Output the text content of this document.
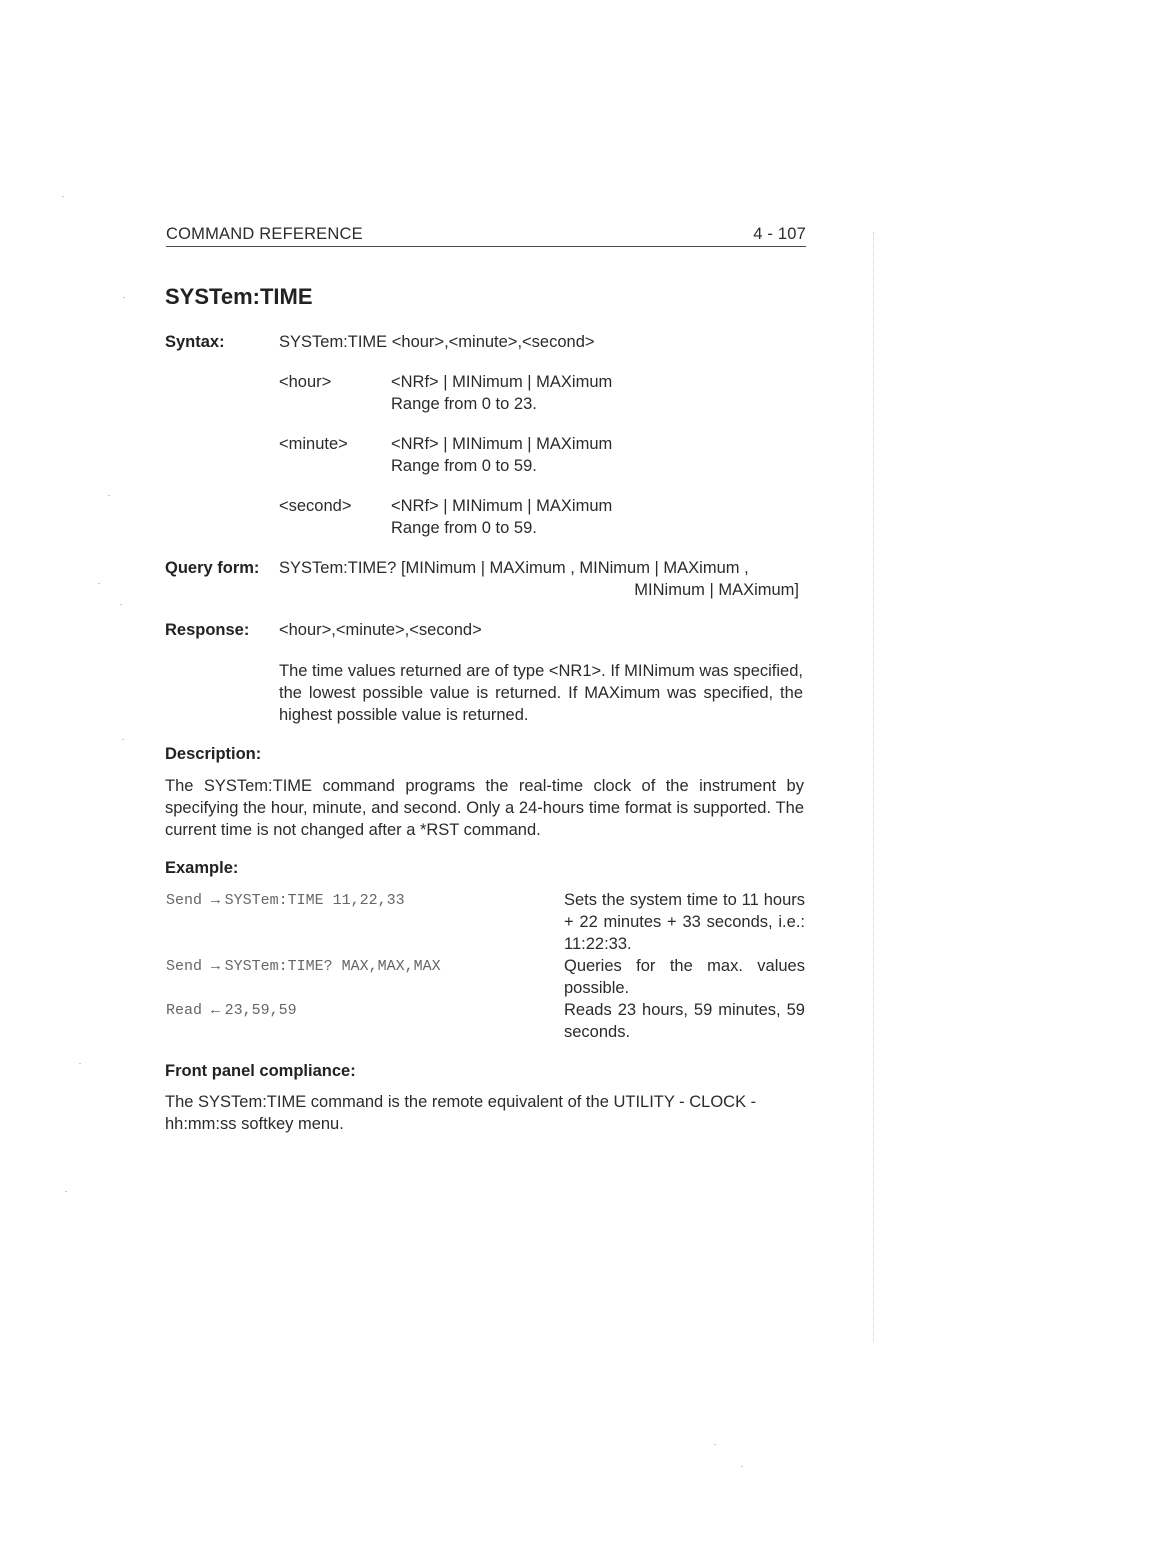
COMMAND REFERENCE	4 - 107
SYSTem:TIME
Syntax:	SYSTem:TIME <hour>,<minute>,<second>
<hour>	<NRf> | MINimum | MAXimum
Range from 0 to 23.
<minute>	<NRf> | MINimum | MAXimum
Range from 0 to 59.
<second> <NRf> | MINimum | MAXimum
Range from 0 to 59.
Query form: SYSTem:TIME? [MINimum | MAXimum , MINimum | MAXimum ,
MINimum | MAXimum]
Response: <hour>,<minute>,<second>
The time values returned are of type <NR1>. If MINimum was specified, the lowest possible value is returned. If MAXimum was specified, the highest possible value is returned.
Description:
The SYSTem:TIME command programs the real-time clock of the instrument by specifying the hour, minute, and second. Only a 24-hours time format is supported. The current time is not changed after a *RST command.
Example:
Send → SYSTem:TIME 11,22,33	Sets the system time to 11 hours + 22 minutes + 33 seconds, i.e.: 11:22:33.
Send → SYSTem:TIME? MAX,MAX,MAX	Queries for the max. values possible.
Read ← 23,59,59	Reads 23 hours, 59 minutes, 59 seconds.
Front panel compliance:
The SYSTem:TIME command is the remote equivalent of the UTILITY - CLOCK - hh:mm:ss softkey menu.
